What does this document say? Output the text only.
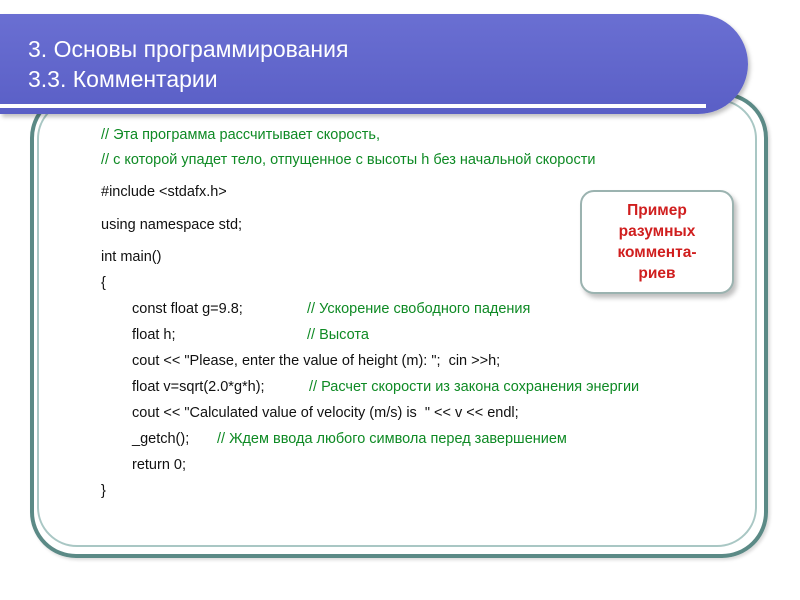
3. Основы программирования
3.3. Комментарии
// Эта программа рассчитывает скорость,
// с которой упадет тело, отпущенное с высоты h без начальной скорости
#include <stdafx.h>
using namespace std;
int main()
{
const float g=9.8;	// Ускорение свободного падения
float h;	// Высота
cout << "Please, enter the value of height (m): ";  cin >>h;
float v=sqrt(2.0*g*h);	// Расчет скорости из закона сохранения энергии
cout << "Calculated value of velocity (m/s) is  " << v << endl;
_getch(); // Ждем ввода любого символа перед завершением
return 0;
}
Пример
разумных
коммента-
риев
